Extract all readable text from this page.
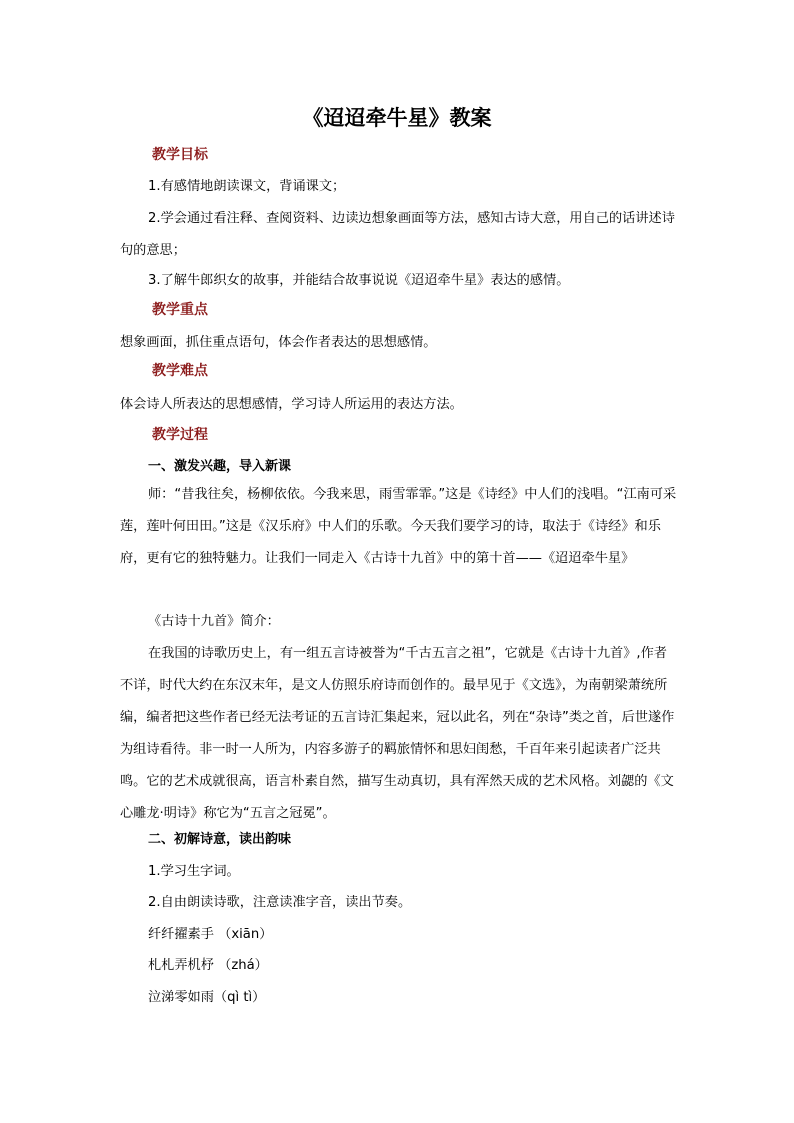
《迢迢牵牛星》教案
教学目标
1.有感情地朗读课文，背诵课文；
2.学会通过看注释、查阅资料、边读边想象画面等方法，感知古诗大意，用自己的话讲述诗句的意思；
3.了解牛郎织女的故事，并能结合故事说说《迢迢牵牛星》表达的感情。
教学重点
想象画面，抓住重点语句，体会作者表达的思想感情。
教学难点
体会诗人所表达的思想感情，学习诗人所运用的表达方法。
教学过程
一、激发兴趣，导入新课
师：“昔我往矣，杨柳依依。今我来思，雨雪霏霏。”这是《诗经》中人们的浅唱。“江南可采莲，莲叶何田田。”这是《汉乐府》中人们的乐歌。今天我们要学习的诗，取法于《诗经》和乐府，更有它的独特魅力。让我们一同走入《古诗十九首》中的第十首——《迢迢牵牛星》
《古诗十九首》简介：
在我国的诗歌历史上，有一组五言诗被誉为“千古五言之祖”，它就是《古诗十九首》,作者不详，时代大约在东汉末年，是文人仿照乐府诗而创作的。最早见于《文选》，为南朝梁萧统所编，编者把这些作者已经无法考证的五言诗汇集起来，冠以此名，列在“杂诗”类之首，后世遂作为组诗看待。非一时一人所为，内容多游子的羁旅情怀和思妇闺愁，千百年来引起读者广泛共鸣。它的艺术成就很高，语言朴素自然，描写生动真切，具有浑然天成的艺术风格。刘勰的《文心雕龙·明诗》称它为“五言之冠冕”。
二、初解诗意，读出韵味
1.学习生字词。
2.自由朗读诗歌，注意读准字音，读出节奏。
纤纤擢素手 （xiān）
札札弄机杼 （zhá）
泣涕零如雨（qì tì）
